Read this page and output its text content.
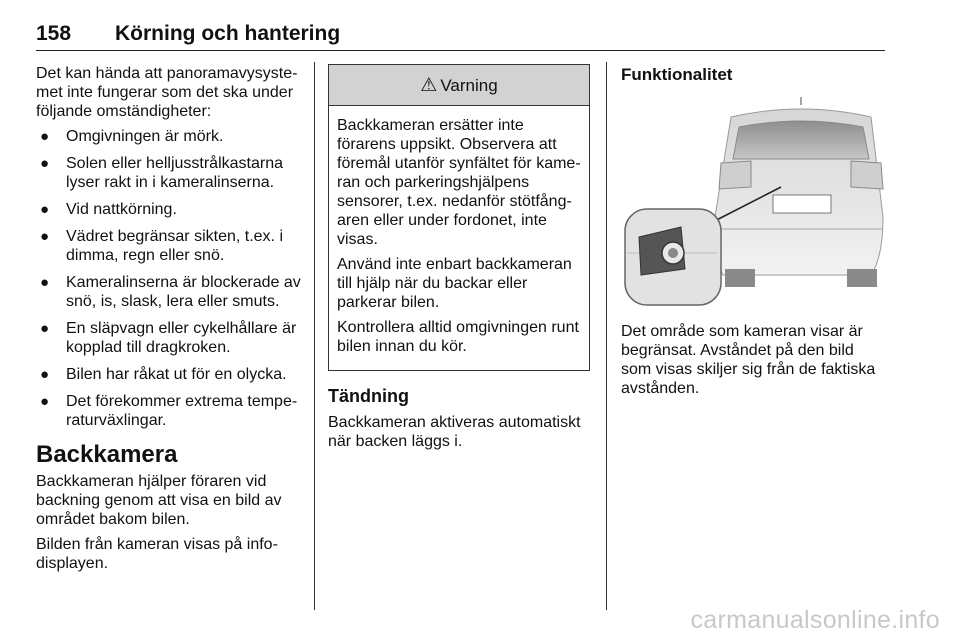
158 Körning och hantering

Det kan hända att panoramavysyste-met inte fungerar som det ska under följande omständigheter:

● Omgivningen är mörk.
● Solen eller helljusstrålkastarna lyser rakt in i kameralinserna.
● Vid nattkörning.
● Vädret begränsar sikten, t.ex. i dimma, regn eller snö.
● Kameralinserna är blockerade av snö, is, slask, lera eller smuts.
● En släpvagn eller cykelhållare är kopplad till dragkroken.
● Bilen har råkat ut för en olycka.
● Det förekommer extrema tempe-raturväxlingar.
Backkamera

Backkameran hjälper föraren vid backning genom att visa en bild av området bakom bilen.

Bilden från kameran visas på info-displayen.

⚠ Varning

Backkameran ersätter inte förarens uppsikt. Observera att föremål utanför synfältet för kame-ran och parkeringshjälpens sensorer, t.ex. nedanför stötfång-aren eller under fordonet, inte visas.

Använd inte enbart backkameran till hjälp när du backar eller parkerar bilen.

Kontrollera alltid omgivningen runt bilen innan du kör.

Tändning

Backkameran aktiveras automatiskt när backen läggs i.

Funktionalitet

Det område som kameran visar är begränsat. Avståndet på den bild som visas skiljer sig från de faktiska avstånden.

carmanualsonline.info
